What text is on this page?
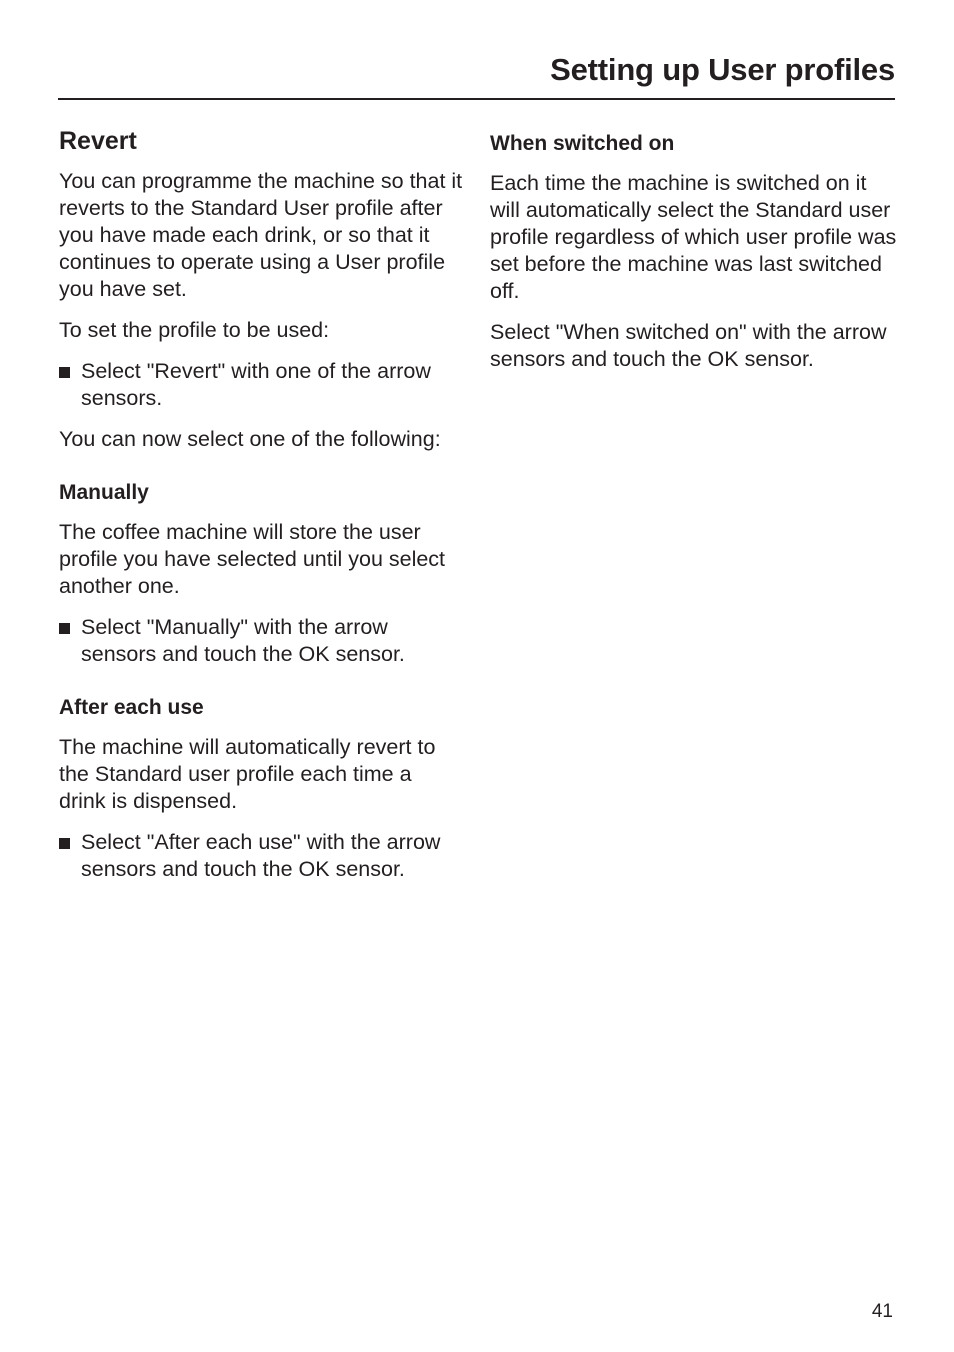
Setting up User profiles
Revert

You can programme the machine so that it reverts to the Standard User profile after you have made each drink, or so that it continues to operate using a User profile you have set.

To set the profile to be used:

Select "Revert" with one of the arrow sensors.

You can now select one of the following:

Manually

The coffee machine will store the user profile you have selected until you select another one.

Select "Manually" with the arrow sensors and touch the OK sensor.
After each use

The machine will automatically revert to the Standard user profile each time a drink is dispensed.

Select "After each use" with the arrow sensors and touch the OK sensor.
When switched on

Each time the machine is switched on it will automatically select the Standard user profile regardless of which user profile was set before the machine was last switched off.

Select "When switched on" with the arrow sensors and touch the OK sensor.

41
